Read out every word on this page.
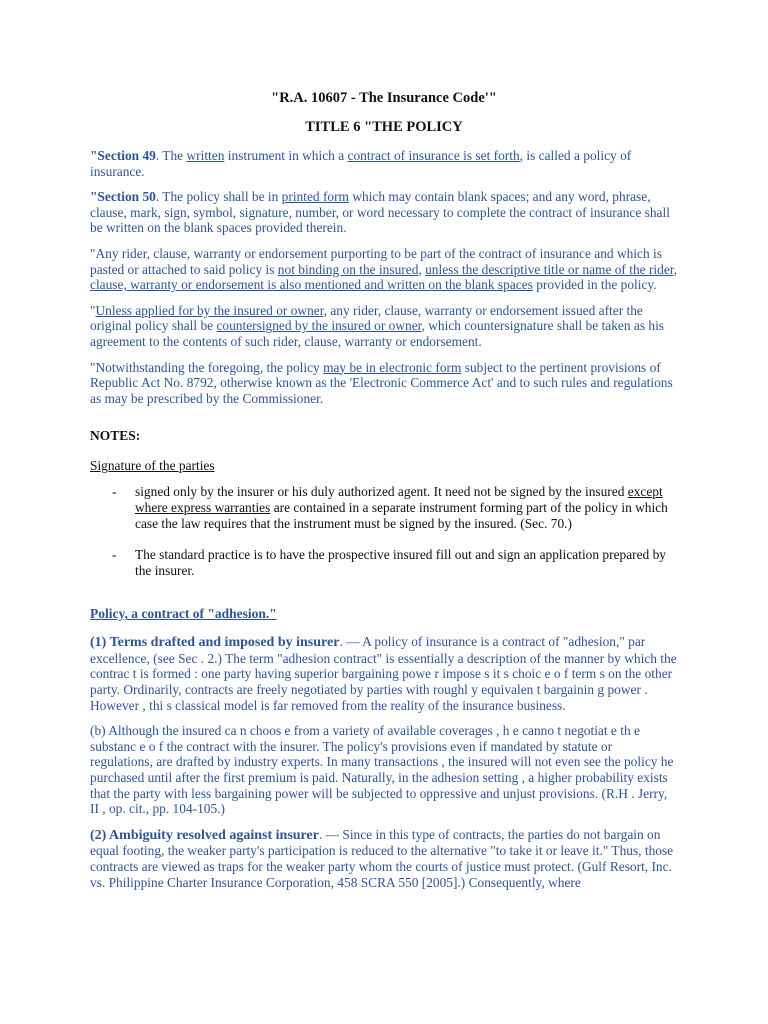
"R.A. 10607 - The Insurance Code'"

TITLE 6 "THE POLICY

"Section 49. The written instrument in which a contract of insurance is set forth, is called a policy of insurance.

"Section 50. The policy shall be in printed form which may contain blank spaces; and any word, phrase, clause, mark, sign, symbol, signature, number, or word necessary to complete the contract of insurance shall be written on the blank spaces provided therein.

"Any rider, clause, warranty or endorsement purporting to be part of the contract of insurance and which is pasted or attached to said policy is not binding on the insured, unless the descriptive title or name of the rider, clause, warranty or endorsement is also mentioned and written on the blank spaces provided in the policy.

"Unless applied for by the insured or owner, any rider, clause, warranty or endorsement issued after the original policy shall be countersigned by the insured or owner, which countersignature shall be taken as his agreement to the contents of such rider, clause, warranty or endorsement.

"Notwithstanding the foregoing, the policy may be in electronic form subject to the pertinent provisions of Republic Act No. 8792, otherwise known as the 'Electronic Commerce Act' and to such rules and regulations as may be prescribed by the Commissioner.

NOTES:

Signature of the parties

- signed only by the insurer or his duly authorized agent. It need not be signed by the insured except where express warranties are contained in a separate instrument forming part of the policy in which case the law requires that the instrument must be signed by the insured. (Sec. 70.)
- The standard practice is to have the prospective insured fill out and sign an application prepared by the insurer.

Policy, a contract of "adhesion."

(1) Terms drafted and imposed by insurer. — A policy of insurance is a contract of "adhesion," par excellence, (see Sec . 2.) The term "adhesion contract" is essentially a description of the manner by which the contrac t is formed : one party having superior bargaining powe r impose s it s choic e o f term s on the other party. Ordinarily, contracts are freely negotiated by parties with roughl y equivalen t bargainin g power . However , thi s classical model is far removed from the reality of the insurance business.

(b) Although the insured ca n choos e from a variety of available coverages , h e canno t negotiat e th e substanc e o f the contract with the insurer. The policy's provisions even if mandated by statute or regulations, are drafted by industry experts. In many transactions , the insured will not even see the policy he purchased until after the first premium is paid. Naturally, in the adhesion setting , a higher probability exists that the party with less bargaining power will be subjected to oppressive and unjust provisions. (R.H . Jerry, II , op. cit., pp. 104-105.)

(2) Ambiguity resolved against insurer. — Since in this type of contracts, the parties do not bargain on equal footing, the weaker party's participation is reduced to the alternative "to take it or leave it." Thus, those contracts are viewed as traps for the weaker party whom the courts of justice must protect. (Gulf Resort, Inc. vs. Philippine Charter Insurance Corporation, 458 SCRA 550 [2005].) Consequently, where
